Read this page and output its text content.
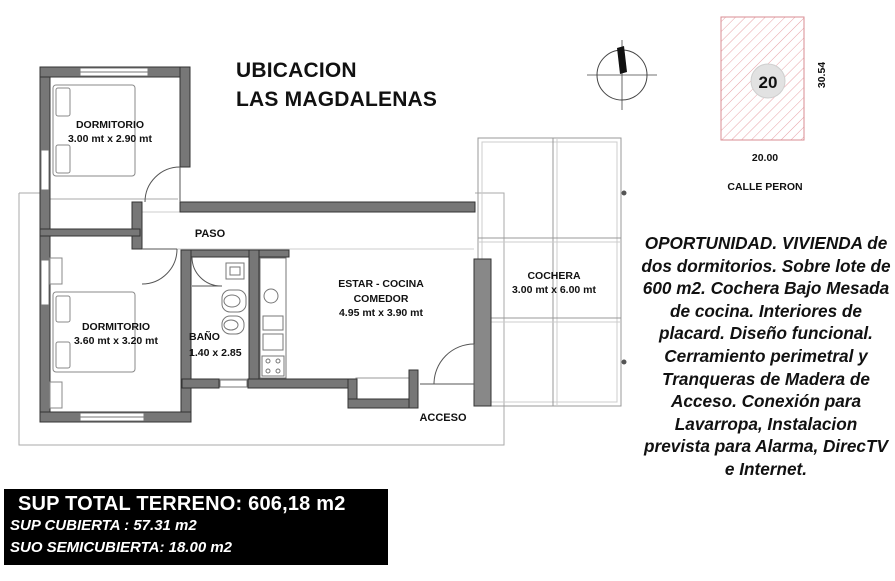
20	30.54
20.00
CALLE PERON
DORMITORIO
3.00 mt x 2.90 mt
DORMITORIO
3.60 mt x 3.20 mt
PASO
BAÑO
1.40 x 2.85
ESTAR - COCINA
COMEDOR
4.95 mt x 3.90 mt
COCHERA
3.00 mt x 6.00 mt
ACCESO
UBICACION
LAS MAGDALENAS
OPORTUNIDAD. VIVIENDA de dos dormitorios. Sobre lote de 600 m2. Cochera Bajo Mesada de cocina. Interiores de placard. Diseño funcional. Cerramiento perimetral y Tranqueras de Madera de Acceso. Conexión para Lavarropa, Instalacion prevista para Alarma, DirecTV e Internet.
SUP TOTAL TERRENO: 606,18 m2
SUP CUBIERTA : 57.31 m2
SUO SEMICUBIERTA: 18.00 m2
